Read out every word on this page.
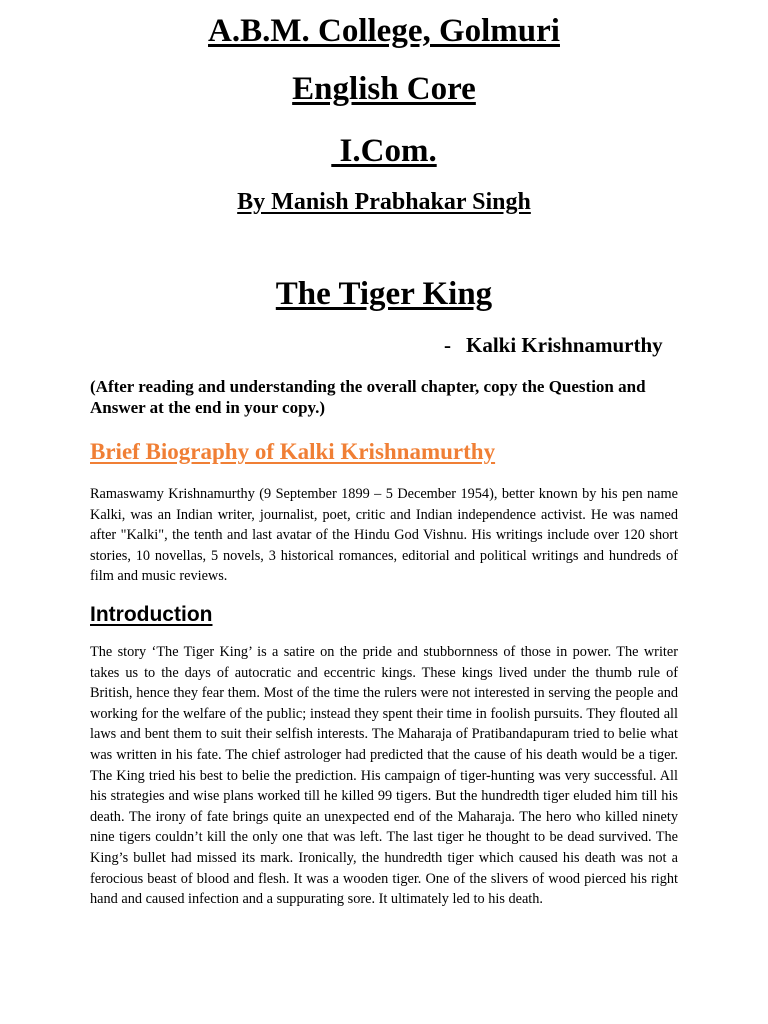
A.B.M. College, Golmuri
English Core
I.Com.
By Manish Prabhakar Singh
The Tiger King

- Kalki Krishnamurthy

(After reading and understanding the overall chapter, copy the Question and Answer at the end in your copy.)

Brief Biography of Kalki Krishnamurthy

Ramaswamy Krishnamurthy (9 September 1899 – 5 December 1954), better known by his pen name Kalki, was an Indian writer, journalist, poet, critic and Indian independence activist. He was named after "Kalki", the tenth and last avatar of the Hindu God Vishnu. His writings include over 120 short stories, 10 novellas, 5 novels, 3 historical romances, editorial and political writings and hundreds of film and music reviews.

Introduction

The story ‘The Tiger King’ is a satire on the pride and stubbornness of those in power. The writer takes us to the days of autocratic and eccentric kings. These kings lived under the thumb rule of British, hence they fear them. Most of the time the rulers were not interested in serving the people and working for the welfare of the public; instead they spent their time in foolish pursuits. They flouted all laws and bent them to suit their selfish interests. The Maharaja of Pratibandapuram tried to belie what was written in his fate. The chief astrologer had predicted that the cause of his death would be a tiger. The King tried his best to belie the prediction. His campaign of tiger-hunting was very successful. All his strategies and wise plans worked till he killed 99 tigers. But the hundredth tiger eluded him till his death. The irony of fate brings quite an unexpected end of the Maharaja. The hero who killed ninety nine tigers couldn’t kill the only one that was left. The last tiger he thought to be dead survived. The King’s bullet had missed its mark. Ironically, the hundredth tiger which caused his death was not a ferocious beast of blood and flesh. It was a wooden tiger. One of the slivers of wood pierced his right hand and caused infection and a suppurating sore. It ultimately led to his death.
